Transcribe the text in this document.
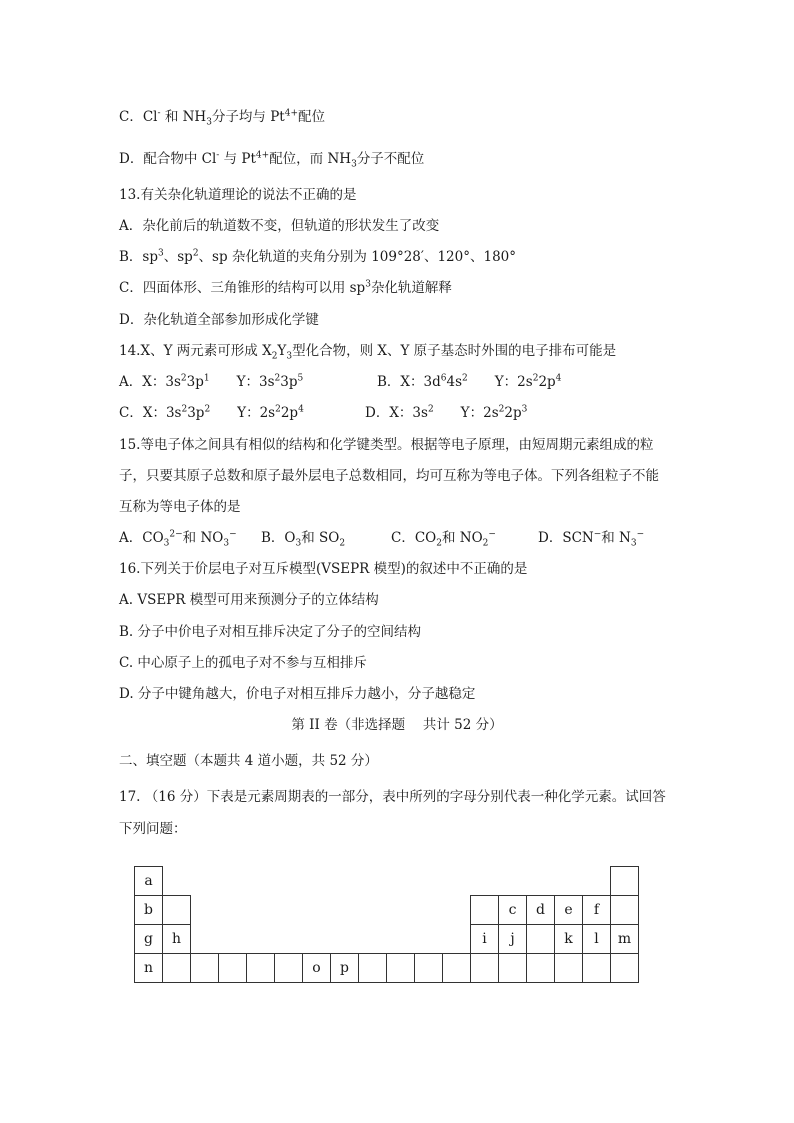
C．Cl- 和 $NH_3$分子均与 $Pt^{4+}$配位
D．配合物中 Cl- 与 $Pt^{4+}$配位，而 $NH_3$分子不配位
13.有关杂化轨道理论的说法不正确的是
A．杂化前后的轨道数不变，但轨道的形状发生了改变
B．$sp^3$、$sp^2$、sp 杂化轨道的夹角分别为 109°28′、120°、180°
C．四面体形、三角锥形的结构可以用 $sp^3$杂化轨道解释
D．杂化轨道全部参加形成化学键
14.X、Y 两元素可形成 $X_2Y_3$型化合物，则 X、Y 原子基态时外围的电子排布可能是
A．X：$3s^23p^1$　　Y：$3s^23p^5$	B．X：$3d^64s^2$　　Y：$2s^22p^4$
C．X：$3s^23p^2$　　Y：$2s^22p^4$	D．X：$3s^2$　　Y：$2s^22p^3$
15.等电子体之间具有相似的结构和化学键类型。根据等电子原理，由短周期元素组成的粒
子，只要其原子总数和原子最外层电子总数相同，均可互称为等电子体。下列各组粒子不能
互称为等电子体的是
A．$CO_3^{2-}$和 $NO_3^-$ B．$O_3$和 $SO_2$	C．$CO_2$和 $NO_2^-$	D．SCN−和 $N_3^-$
16.下列关于价层电子对互斥模型(VSEPR 模型)的叙述中不正确的是
A. VSEPR 模型可用来预测分子的立体结构
B. 分子中价电子对相互排斥决定了分子的空间结构
C. 中心原子上的孤电子对不参与互相排斥
D. 分子中键角越大，价电子对相互排斥力越小，分子越稳定
第 II 卷（非选择题　 共计 52 分）
二、填空题（本题共 4 道小题，共 52 分）
17. （16 分）下表是元素周期表的一部分，表中所列的字母分别代表一种化学元素。试回答
下列问题：
a																	
b													c	d	e	f	
g	h											i	j		k	l	m
n						o	p										
